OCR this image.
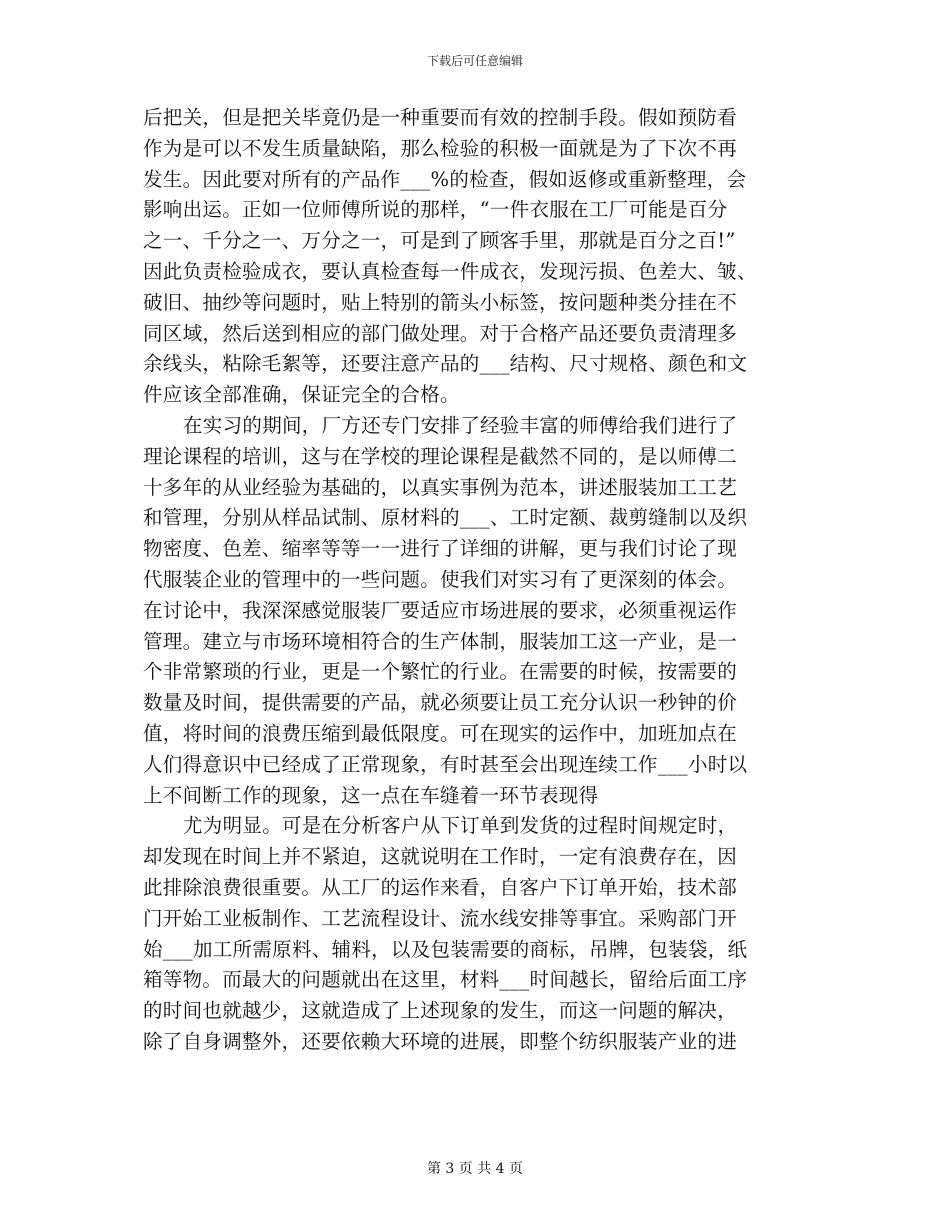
下载后可任意编辑
后把关，但是把关毕竟仍是一种重要而有效的控制手段。假如预防看
作为是可以不发生质量缺陷，那么检验的积极一面就是为了下次不再
发生。因此要对所有的产品作___%的检查，假如返修或重新整理，会
影响出运。正如一位师傅所说的那样，“一件衣服在工厂可能是百分
之一、千分之一、万分之一，可是到了顾客手里，那就是百分之百!”
因此负责检验成衣，要认真检查每一件成衣，发现污损、色差大、皱、
破旧、抽纱等问题时，贴上特别的箭头小标签，按问题种类分挂在不
同区域，然后送到相应的部门做处理。对于合格产品还要负责清理多
余线头，粘除毛絮等，还要注意产品的___结构、尺寸规格、颜色和文
件应该全部准确，保证完全的合格。
在实习的期间，厂方还专门安排了经验丰富的师傅给我们进行了
理论课程的培训，这与在学校的理论课程是截然不同的，是以师傅二
十多年的从业经验为基础的，以真实事例为范本，讲述服装加工工艺
和管理，分别从样品试制、原材料的___、工时定额、裁剪缝制以及织
物密度、色差、缩率等等一一进行了详细的讲解，更与我们讨论了现
代服装企业的管理中的一些问题。使我们对实习有了更深刻的体会。
在讨论中，我深深感觉服装厂要适应市场进展的要求，必须重视运作
管理。建立与市场环境相符合的生产体制，服装加工这一产业，是一
个非常繁琐的行业，更是一个繁忙的行业。在需要的时候，按需要的
数量及时间，提供需要的产品，就必须要让员工充分认识一秒钟的价
值，将时间的浪费压缩到最低限度。可在现实的运作中，加班加点在
人们得意识中已经成了正常现象，有时甚至会出现连续工作___小时以
上不间断工作的现象，这一点在车缝着一环节表现得
尤为明显。可是在分析客户从下订单到发货的过程时间规定时，
却发现在时间上并不紧迫，这就说明在工作时，一定有浪费存在，因
此排除浪费很重要。从工厂的运作来看，自客户下订单开始，技术部
门开始工业板制作、工艺流程设计、流水线安排等事宜。采购部门开
始___加工所需原料、辅料，以及包装需要的商标，吊牌，包装袋，纸
箱等物。而最大的问题就出在这里，材料___时间越长，留给后面工序
的时间也就越少，这就造成了上述现象的发生，而这一问题的解决，
除了自身调整外，还要依赖大环境的进展，即整个纺织服装产业的进
第 3 页 共 4 页
